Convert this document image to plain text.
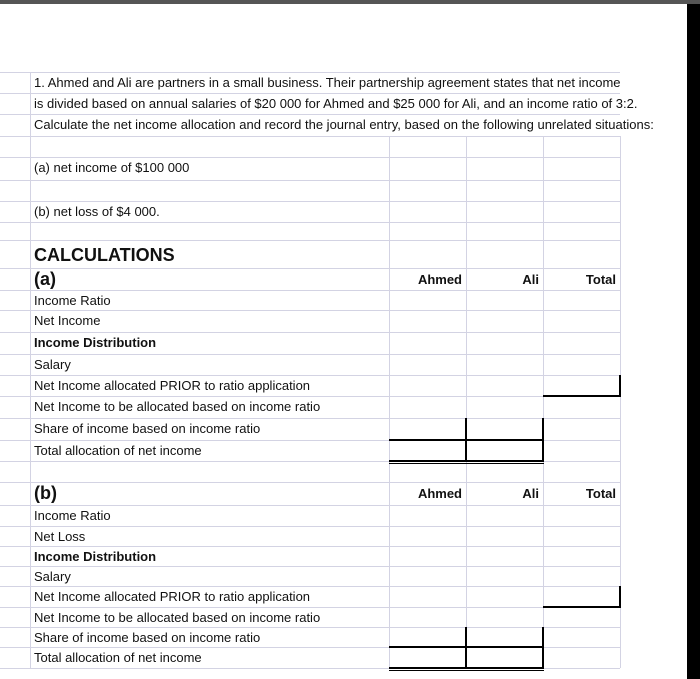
1. Ahmed and Ali are partners in a small business. Their partnership agreement states that net income
is divided based on annual salaries of $20 000 for Ahmed and $25 000 for Ali, and an income ratio of 3:2.
Calculate the net income allocation and record the journal entry, based on the following unrelated situations:
(a) net income of $100 000
(b) net loss of $4 000.
CALCULATIONS
(a)	Ahmed	Ali	Total
Income Ratio
Net Income
Income Distribution
Salary
Net Income allocated PRIOR to ratio application
Net Income to be allocated based on income ratio
Share of income based on income ratio
Total allocation of net income
(b)	Ahmed	Ali	Total
Income Ratio
Net Loss
Income Distribution
Salary
Net Income allocated PRIOR to ratio application
Net Income to be allocated based on income ratio
Share of income based on income ratio
Total allocation of net income
